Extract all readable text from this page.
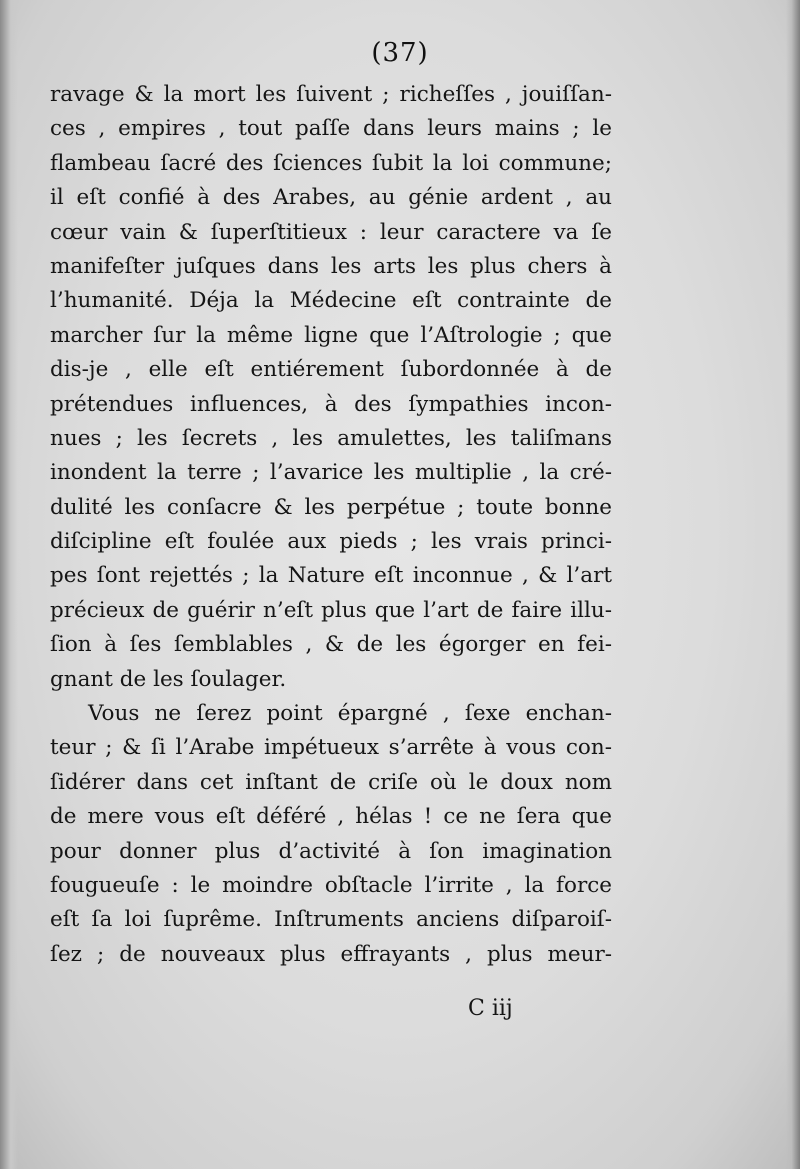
(37)
ravage & la mort les ſuivent ; richeſſes , jouiſſan-
ces , empires , tout paſſe dans leurs mains ; le
flambeau ſacré des ſciences ſubit la loi commune;
il eſt confié à des Arabes, au génie ardent , au
cœur vain & ſuperſtitieux : leur caractere va ſe
manifeſter juſques dans les arts les plus chers à
l’humanité. Déja la Médecine eſt contrainte de
marcher ſur la même ligne que l’Aſtrologie ; que
dis-je , elle eſt entiérement ſubordonnée à de
prétendues influences, à des ſympathies incon-
nues ; les ſecrets , les amulettes, les taliſmans
inondent la terre ; l’avarice les multiplie , la cré-
dulité les conſacre & les perpétue ; toute bonne
diſcipline eſt foulée aux pieds ; les vrais princi-
pes ſont rejettés ; la Nature eſt inconnue , & l’art
précieux de guérir n’eſt plus que l’art de faire illu-
ſion à ſes ſemblables , & de les égorger en fei-
gnant de les ſoulager.
Vous ne ſerez point épargné , ſexe enchan-
teur ; & ſi l’Arabe impétueux s’arrête à vous con-
ſidérer dans cet inſtant de criſe où le doux nom
de mere vous eſt déféré , hélas ! ce ne ſera que
pour donner plus d’activité à ſon imagination
fougueuſe : le moindre obſtacle l’irrite , la force
eſt ſa loi ſuprême. Inſtruments anciens diſparoiſ-
ſez ; de nouveaux plus effrayants , plus meur-
C iij
